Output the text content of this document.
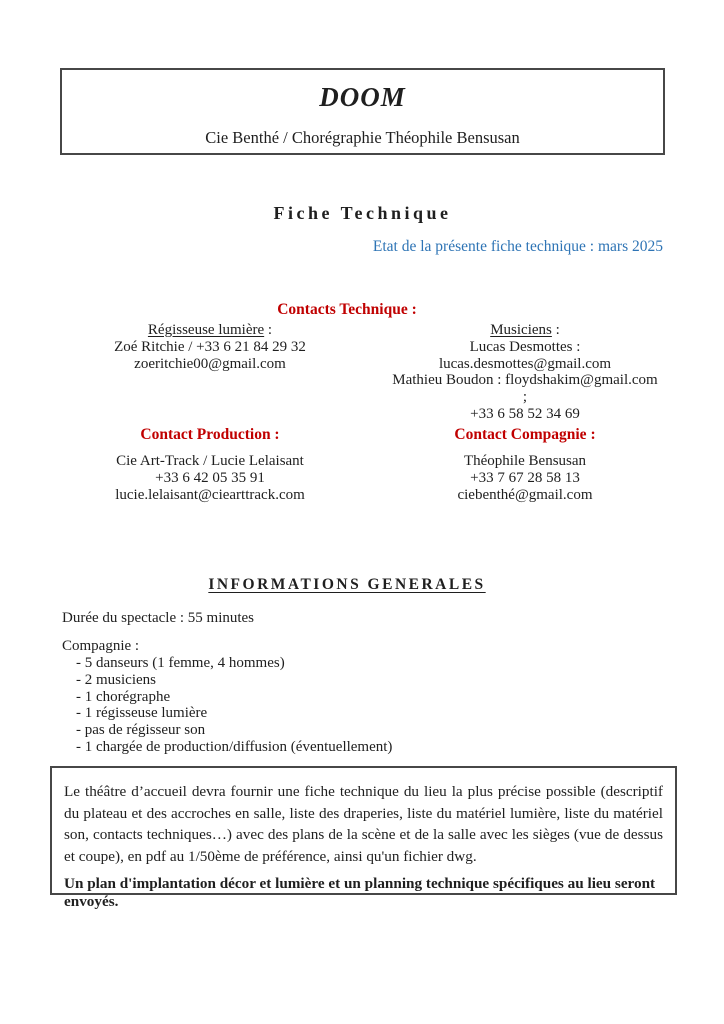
DOOM
Cie Benthé / Chorégraphie Théophile Bensusan
Fiche Technique
Etat de la présente fiche technique : mars 2025
Contacts Technique :
Régisseuse lumière :
Zoé Ritchie / +33 6 21 84 29 32
zoeritchie00@gmail.com
Musiciens :
Lucas Desmottes : lucas.desmottes@gmail.com
Mathieu Boudon : floydshakim@gmail.com ;
+33 6 58 52 34 69
Contact Production :
Cie Art-Track / Lucie Lelaisant
+33 6 42 05 35 91
lucie.lelaisant@ciearttrack.com
Contact Compagnie :
Théophile Bensusan
+33 7 67 28 58 13
ciebenthé@gmail.com
INFORMATIONS GENERALES
Durée du spectacle : 55 minutes
Compagnie :
- 5 danseurs (1 femme, 4 hommes)
- 2 musiciens
- 1 chorégraphe
- 1 régisseuse lumière
- pas de régisseur son
- 1 chargée de production/diffusion (éventuellement)
Le théâtre d’accueil devra fournir une fiche technique du lieu la plus précise possible (descriptif du plateau et des accroches en salle, liste des draperies, liste du matériel lumière, liste du matériel son, contacts techniques…) avec des plans de la scène et de la salle avec les sièges (vue de dessus et coupe), en pdf au 1/50ème de préférence, ainsi qu'un fichier dwg.
Un plan d'implantation décor et lumière et un planning technique spécifiques au lieu seront envoyés.
